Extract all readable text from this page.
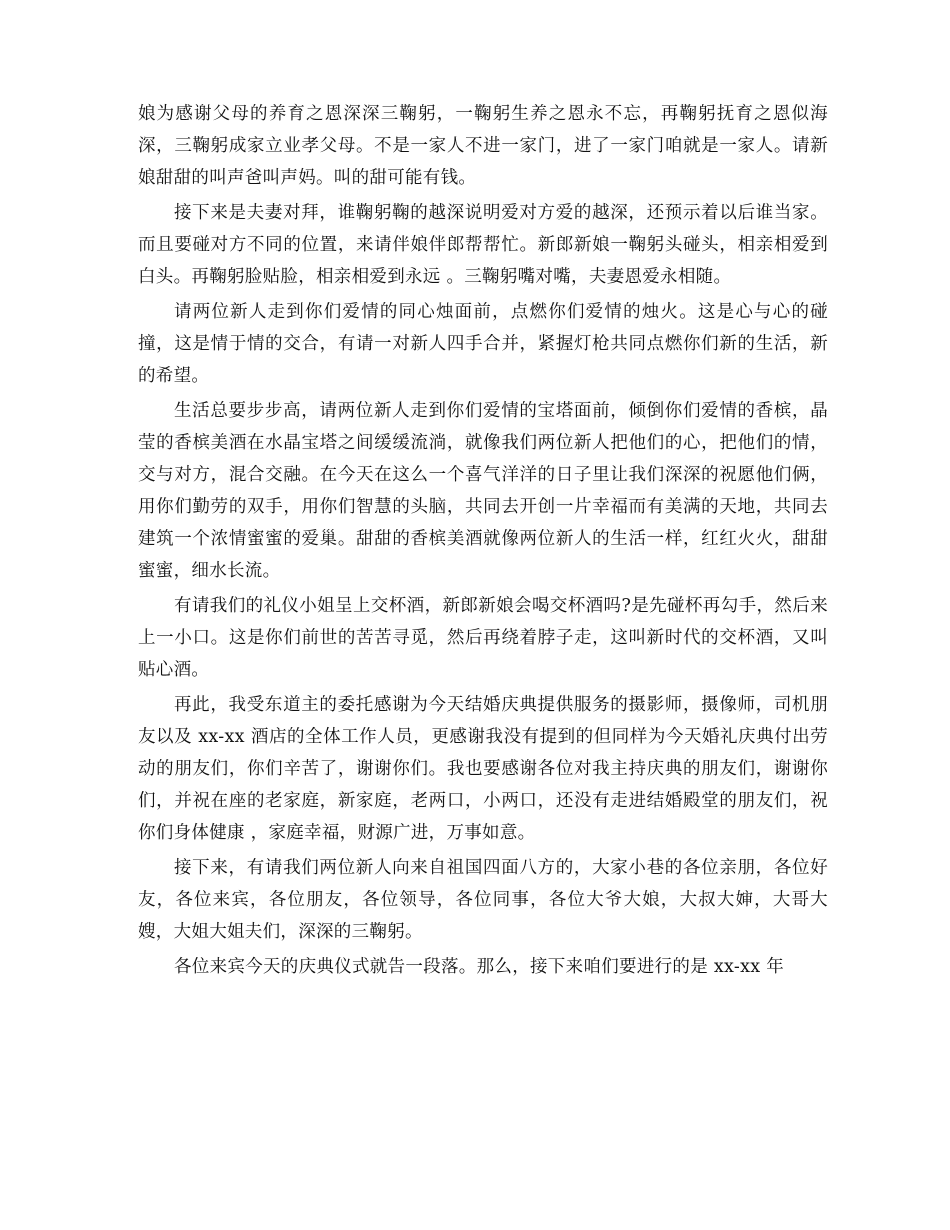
娘为感谢父母的养育之恩深深三鞠躬，一鞠躬生养之恩永不忘，再鞠躬抚育之恩似海深，三鞠躬成家立业孝父母。不是一家人不进一家门，进了一家门咱就是一家人。请新娘甜甜的叫声爸叫声妈。叫的甜可能有钱。

接下来是夫妻对拜，谁鞠躬鞠的越深说明爱对方爱的越深，还预示着以后谁当家。而且要碰对方不同的位置，来请伴娘伴郎帮帮忙。新郎新娘一鞠躬头碰头，相亲相爱到白头。再鞠躬脸贴脸，相亲相爱到永远 。三鞠躬嘴对嘴，夫妻恩爱永相随。

请两位新人走到你们爱情的同心烛面前，点燃你们爱情的烛火。这是心与心的碰撞，这是情于情的交合，有请一对新人四手合并，紧握灯枪共同点燃你们新的生活，新的希望。

生活总要步步高，请两位新人走到你们爱情的宝塔面前，倾倒你们爱情的香槟，晶莹的香槟美酒在水晶宝塔之间缓缓流淌，就像我们两位新人把他们的心，把他们的情，交与对方，混合交融。在今天在这么一个喜气洋洋的日子里让我们深深的祝愿他们俩，用你们勤劳的双手，用你们智慧的头脑，共同去开创一片幸福而有美满的天地，共同去建筑一个浓情蜜蜜的爱巢。甜甜的香槟美酒就像两位新人的生活一样，红红火火，甜甜蜜蜜，细水长流。

有请我们的礼仪小姐呈上交杯酒，新郎新娘会喝交杯酒吗?是先碰杯再勾手，然后来上一小口。这是你们前世的苦苦寻觅，然后再绕着脖子走，这叫新时代的交杯酒，又叫贴心酒。

再此，我受东道主的委托感谢为今天结婚庆典提供服务的摄影师，摄像师，司机朋友以及 xx-xx 酒店的全体工作人员，更感谢我没有提到的但同样为今天婚礼庆典付出劳动的朋友们，你们辛苦了，谢谢你们。我也要感谢各位对我主持庆典的朋友们，谢谢你们，并祝在座的老家庭，新家庭，老两口，小两口，还没有走进结婚殿堂的朋友们，祝你们身体健康 ，家庭幸福，财源广进，万事如意。

接下来，有请我们两位新人向来自祖国四面八方的，大家小巷的各位亲朋，各位好友，各位来宾，各位朋友，各位领导，各位同事，各位大爷大娘，大叔大婶，大哥大嫂，大姐大姐夫们，深深的三鞠躬。

各位来宾今天的庆典仪式就告一段落。那么，接下来咱们要进行的是 xx-xx 年
